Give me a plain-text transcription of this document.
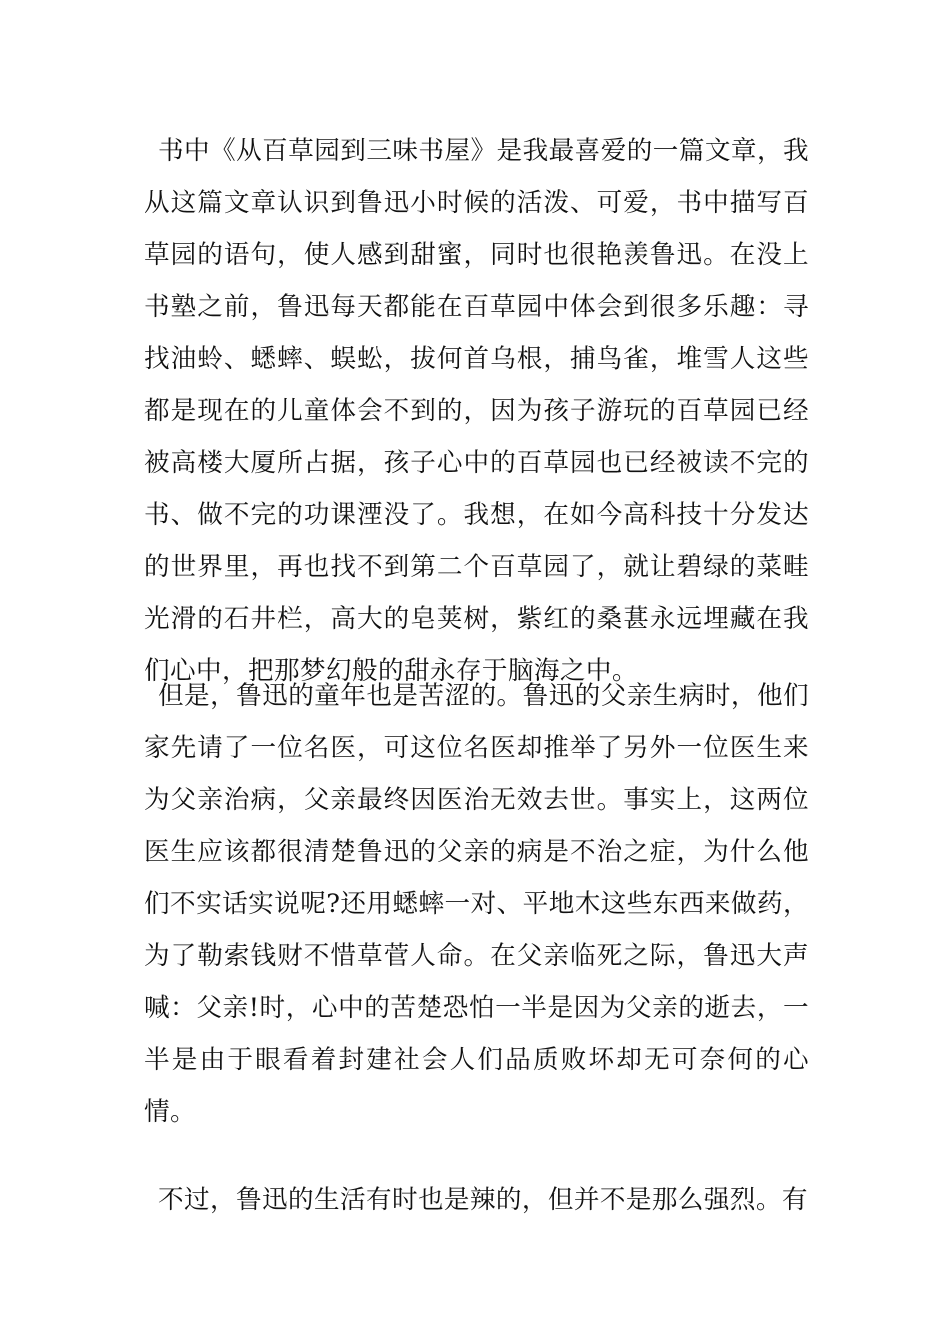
书中《从百草园到三味书屋》是我最喜爱的一篇文章，我从这篇文章认识到鲁迅小时候的活泼、可爱，书中描写百草园的语句，使人感到甜蜜，同时也很艳羡鲁迅。在没上书塾之前，鲁迅每天都能在百草园中体会到很多乐趣：寻找油蛉、蟋蟀、蜈蚣，拔何首乌根，捕鸟雀，堆雪人这些都是现在的儿童体会不到的，因为孩子游玩的百草园已经被高楼大厦所占据，孩子心中的百草园也已经被读不完的书、做不完的功课湮没了。我想，在如今高科技十分发达的世界里，再也找不到第二个百草园了，就让碧绿的菜畦光滑的石井栏，高大的皂荚树，紫红的桑葚永远埋藏在我们心中，把那梦幻般的甜永存于脑海之中。

但是，鲁迅的童年也是苦涩的。鲁迅的父亲生病时，他们家先请了一位名医，可这位名医却推举了另外一位医生来为父亲治病，父亲最终因医治无效去世。事实上，这两位医生应该都很清楚鲁迅的父亲的病是不治之症，为什么他们不实话实说呢?还用蟋蟀一对、平地木这些东西来做药，为了勒索钱财不惜草菅人命。在父亲临死之际，鲁迅大声喊：父亲!时，心中的苦楚恐怕一半是因为父亲的逝去，一半是由于眼看着封建社会人们品质败坏却无可奈何的心情。

不过，鲁迅的生活有时也是辣的，但并不是那么强烈。有
